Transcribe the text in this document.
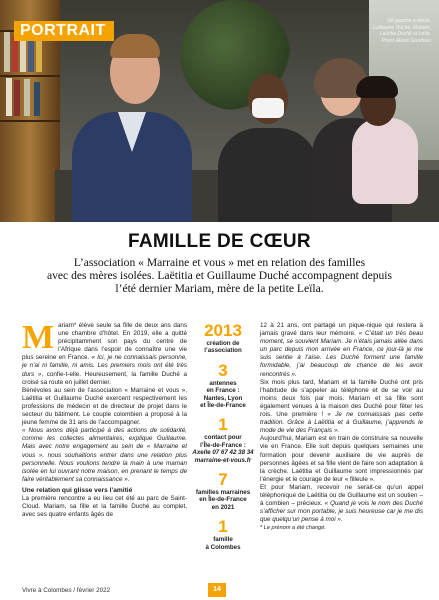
PORTRAIT
De gauche à droite,
Guillaume Duché, Mariam,
Laëtitia Duché et Leïla.
Photo Alexis Goudeau
FAMILLE DE CŒUR
L’association « Marraine et vous » met en relation des familles
avec des mères isolées. Laëtitia et Guillaume Duché accompagnent depuis
l’été dernier Mariam, mère de la petite Leïla.

Mariam* élève seule sa fille de deux ans dans une chambre d’hôtel. En 2019, elle a quitté précipitamment son pays du centre de l’Afrique dans l’espoir de connaître une vie plus sereine en France. « Ici, je ne connaissais personne, je n’ai ni famille, ni amis. Les premiers mois ont été très durs », confie-t-elle. Heureusement, la famille Duché a croisé sa route en juillet dernier.

Bénévoles au sein de l’association « Marraine et vous », Laëtitia et Guillaume Duché exercent respectivement les professions de médecin et de directeur de projet dans le secteur du bâtiment. Le couple colombien a proposé à la jeune femme de 31 ans de l’accompagner.

« Nous avons déjà participé à des actions de solidarité, comme les collectes alimentaires, explique Guillaume. Mais avec notre engagement au sein de « Marraine et vous », nous souhaitions entrer dans une relation plus personnelle. Nous voulions tendre la main à une maman isolée en lui ouvrant notre maison, en prenant le temps de faire véritablement sa connaissance ».

Une relation qui glisse vers l’amitié

La première rencontre a eu lieu cet été au parc de Saint-Cloud. Mariam, sa fille et la famille Duché au complet, avec ses quatre enfants âgés de

2013
création de
l’association
3
antennes
en France :
Nantes, Lyon
et Île-de-France
1
contact pour
l’Île-de-France :
Axelle 07 67 42 38 34
marraine-et-vous.fr
7
familles marraines
en Île-de-France
en 2021
1
famille
à Colombes

12 à 21 ans, ont partagé un pique-nique qui restera à jamais gravé dans leur mémoire. « C’était un très beau moment, se souvient Mariam. Je n’étais jamais allée dans un parc depuis mon arrivée en France, ce jour-là je me suis sentie à l’aise. Les Duché forment une famille formidable, j’ai beaucoup de chance de les avoir rencontrés ».

Six mois plus tard, Mariam et la famille Duché ont pris l’habitude de s’appeler au téléphone et de se voir au moins deux fois par mois. Mariam et sa fille sont également venues à la maison des Duché pour fêter les rois. Une première ! « Je ne connaissais pas cette tradition. Grâce à Laëtitia et à Guillaume, j’apprends le mode de vie des Français ».

Aujourd’hui, Mariam est en train de construire sa nouvelle vie en France. Elle suit depuis quelques semaines une formation pour devenir auxiliaire de vie auprès de personnes âgées et sa fille vient de faire son adaptation à la crèche. Laëtitia et Guillaume sont impressionnés par l’énergie et le courage de leur « filleule ».

Et pour Mariam, recevoir ne serait-ce qu’un appel téléphonique de Laëtitia ou de Guillaume est un soutien – à combien – précieux. « Quand je vois le nom des Duché s’afficher sur mon portable, je suis heureuse car je me dis que quelqu’un pense à moi ».

* Le prénom a été changé.

Vivre à Colombes / février 2022	14
